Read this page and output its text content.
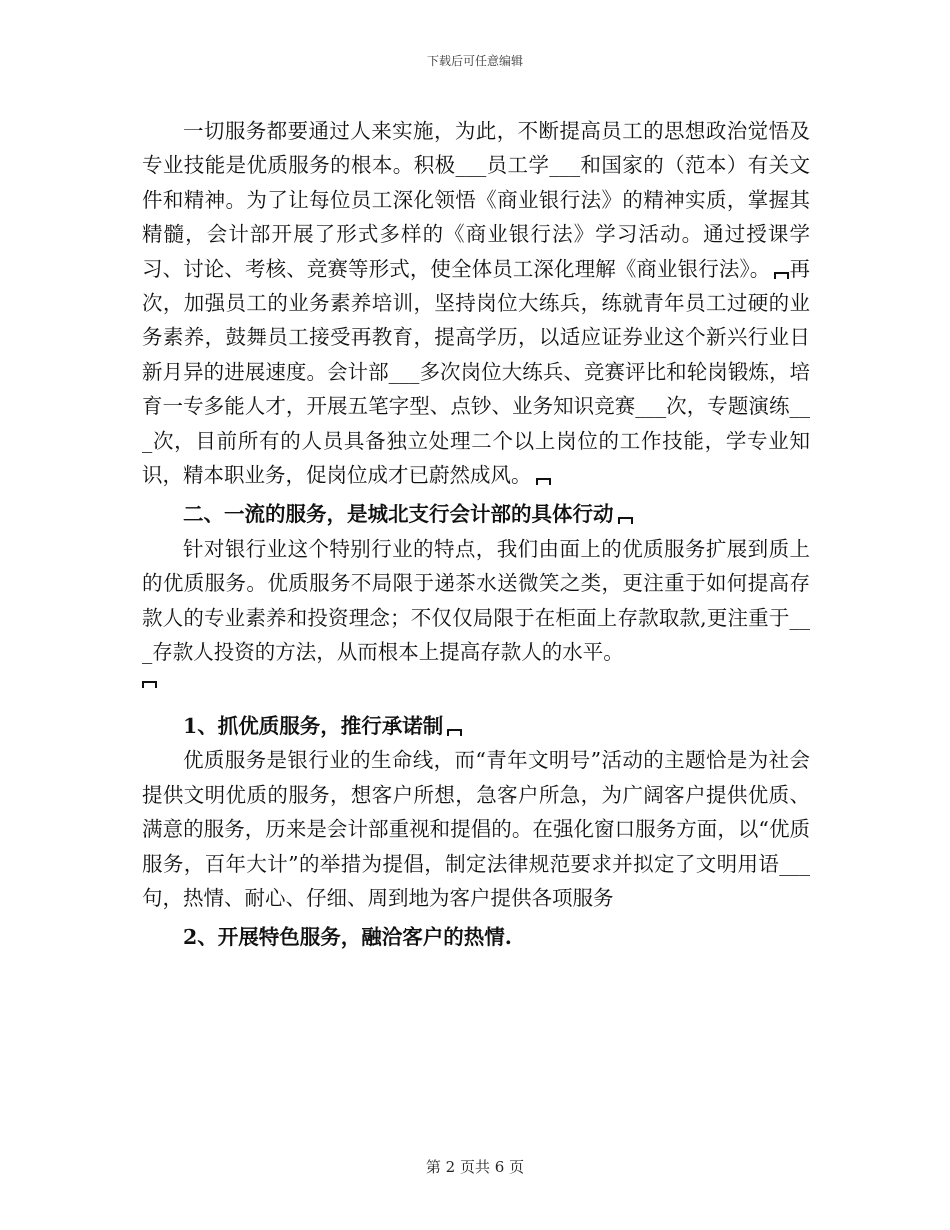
下载后可任意编辑

一切服务都要通过人来实施，为此，不断提高员工的思想政治觉悟及专业技能是优质服务的根本。积极___员工学___和国家的（范本）有关文件和精神。为了让每位员工深化领悟《商业银行法》的精神实质，掌握其精髓，会计部开展了形式多样的《商业银行法》学习活动。通过授课学习、讨论、考核、竞赛等形式，使全体员工深化理解《商业银行法》。 再次，加强员工的业务素养培训，坚持岗位大练兵，练就青年员工过硬的业务素养，鼓舞员工接受再教育，提高学历，以适应证券业这个新兴行业日新月异的进展速度。会计部___多次岗位大练兵、竞赛评比和轮岗锻炼，培育一专多能人才，开展五笔字型、点钞、业务知识竞赛___次，专题演练___次，目前所有的人员具备独立处理二个以上岗位的工作技能，学专业知识，精本职业务，促岗位成才已蔚然成风。

二、一流的服务，是城北支行会计部的具体行动

针对银行业这个特别行业的特点，我们由面上的优质服务扩展到质上的优质服务。优质服务不局限于递茶水送微笑之类，更注重于如何提高存款人的专业素养和投资理念；不仅仅局限于在柜面上存款取款,更注重于___存款人投资的方法，从而根本上提高存款人的水平。

1、抓优质服务，推行承诺制

优质服务是银行业的生命线，而“青年文明号”活动的主题恰是为社会提供文明优质的服务，想客户所想，急客户所急，为广阔客户提供优质、满意的服务，历来是会计部重视和提倡的。在强化窗口服务方面，以“优质服务，百年大计”的举措为提倡，制定法律规范要求并拟定了文明用语___句，热情、耐心、仔细、周到地为客户提供各项服务

2、开展特色服务，融洽客户的热情.

第 2 页共 6 页
